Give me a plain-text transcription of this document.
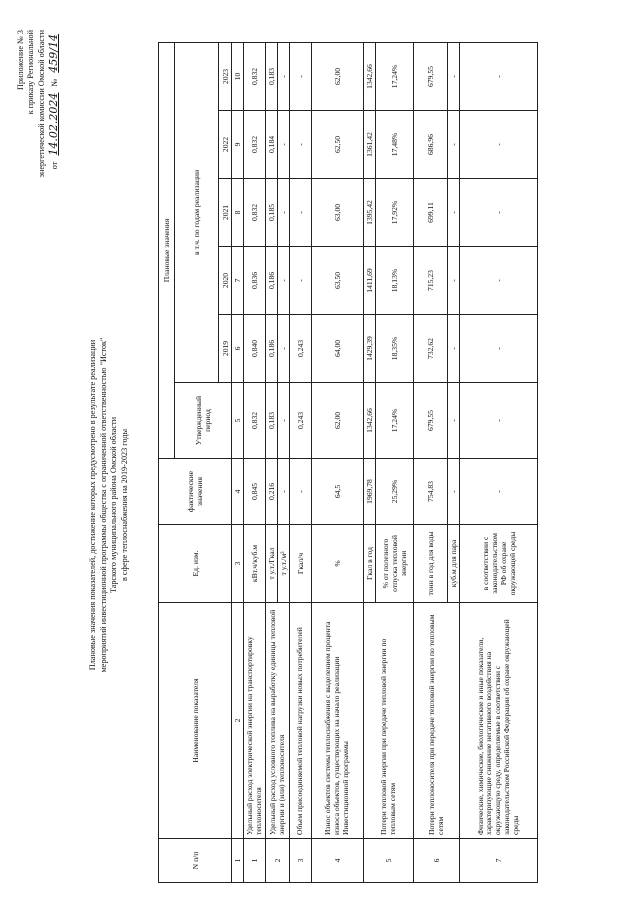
Приложение № 3 к приказу Региональной энергетической комиссии Омской области от 14.02.2024 № 459/14
Плановые значения показателей, достижение которых предусмотрено в результате реализации мероприятий инвестиционной программы общества с ограниченной ответственностью "Исток" Тарского муниципального района Омской области в сфере теплоснабжения на 2019-2023 годы
N п/п	Наименование показателя	Ед. изм.	фактические значения	Плановые значения					
				Утвержденный период	в т.ч. по годам реализации				
					2019	2020	2021	2022	2023
1	2	3	4	5	6	7	8	9	10
1	Удельный расход электрической энергии на транспортировку теплоносителя	кВт.ч/куб.м	0,845	0,832	0,840	0,836	0,832	0,832	0,832
2	Удельный расход условного топлива на выработку единицы тепловой энергии и (или) теплоносителя	т у.т./Гкал	0,216	0,183	0,186	0,186	0,185	0,184	0,183
		т у.т./м³	-	-	-	-	-	-	-
3	Объем присоединяемой тепловой нагрузки новых потребителей	Гкал/ч	-	0,243	0,243	-	-	-	-
4	Износ объектов системы теплоснабжения с выделением процента износа объектов, существующих на начало реализации Инвестиционной программы	%	64,5	62,00	64,00	63,50	63,00	62,50	62,00
5	Потери тепловой энергии при передаче тепловой энергии по тепловым сетям	Гкал в год	1969,78	1342,66	1429,39	1411,69	1395,42	1361,42	1342,66
		% от полезного отпуска тепловой энергии	25,29%	17,24%	18,35%	18,13%	17,92%	17,48%	17,24%
6	Потери теплоносителя при передаче тепловой энергии по тепловым сетям	тонн в год для воды	754,83	679,55	732,62	715,23	699,11	686,96	679,55
		куб.м для пара	-	-	-	-	-	-	-
7	Физические, химические, биологические и иные показатели, характеризующие снижение негативного воздействия на окружающую среду, определяемые в соответствии с законодательством Российской Федерации об охране окружающей среды	в соответствии с законодательством РФ об охране окружающей среды	-	-	-	-	-	-	-
